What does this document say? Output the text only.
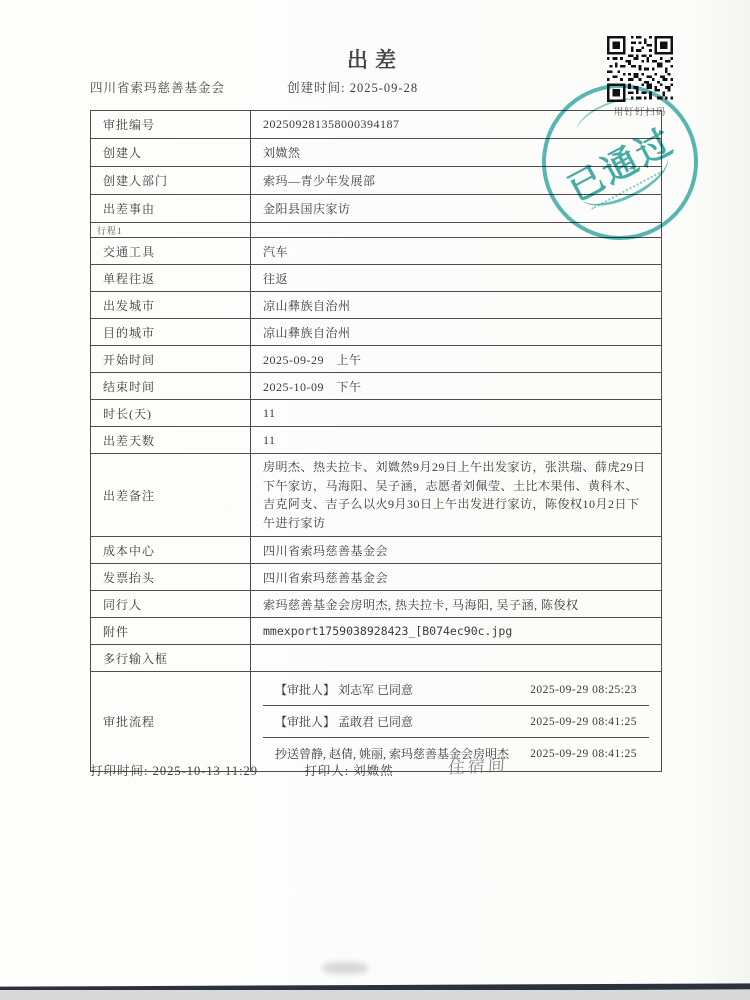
出差
用钉钉扫码
四川省索玛慈善基金会	创建时间: 2025-09-28
审批编号	202509281358000394187
创建人	刘媺然
创建人部门	索玛—青少年发展部
出差事由	金阳县国庆家访
行程1	
交通工具	汽车
单程往返	往返
出发城市	凉山彝族自治州
目的城市	凉山彝族自治州
开始时间	2025-09-29　上午
结束时间	2025-10-09　下午
时长(天)	11
出差天数	11
出差备注	房明杰、热夫拉卡、刘媺然9月29日上午出发家访，张洪瑞、薛虎29日下午家访，马海阳、吴子涵，志愿者刘佩莹、土比木果伟、黄科木、吉克阿支、吉子么以火9月30日上午出发进行家访，陈俊权10月2日下午进行家访
成本中心	四川省索玛慈善基金会
发票抬头	四川省索玛慈善基金会
同行人	索玛慈善基金会房明杰, 热夫拉卡, 马海阳, 吴子涵, 陈俊权
附件	mmexport1759038928423_[B074ec90c.jpg
多行输入框	
审批流程	
【审批人】 刘志军 已同意	2025-09-29 08:25:23
【审批人】 孟敢君 已同意	2025-09-29 08:41:25
抄送曾静, 赵倩, 姚丽, 索玛慈善基金会房明杰 2025-09-29 08:41:25
打印时间: 2025-10-13 11:29	打印人: 刘媺然	住宿间
已通过
